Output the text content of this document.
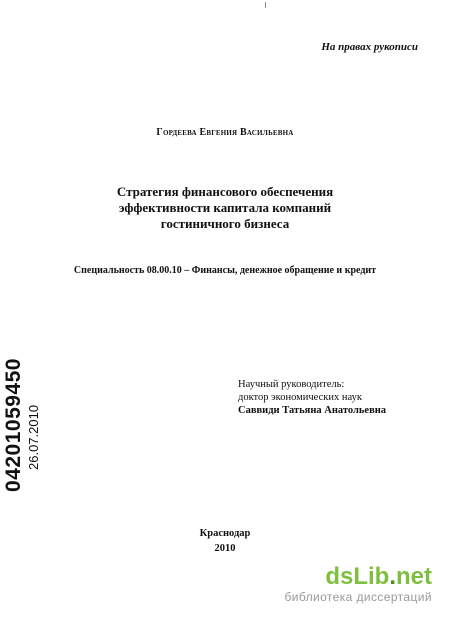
На правах рукописи
Гордеева Евгения Васильевна
Стратегия финансового обеспечения
эффективности капитала компаний
гостиничного бизнеса
Специальность 08.00.10 – Финансы, денежное обращение и кредит
Научный руководитель:
доктор экономических наук
Саввиди Татьяна Анатольевна
04201059450 26.07.2010
Краснодар
2010
dsLib.net
библиотека диссертаций
